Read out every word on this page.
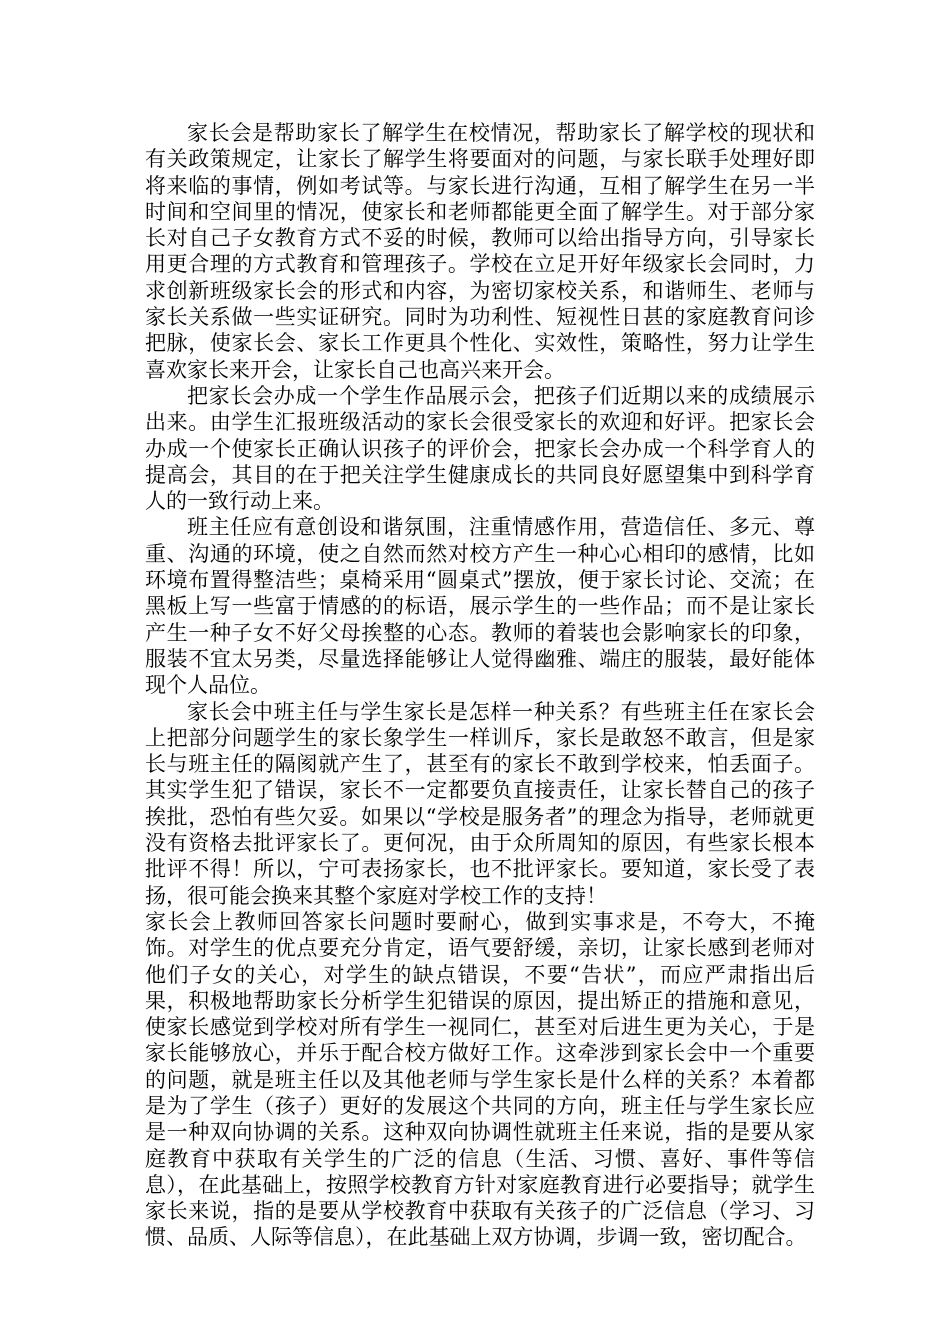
家长会是帮助家长了解学生在校情况，帮助家长了解学校的现状和有关政策规定，让家长了解学生将要面对的问题，与家长联手处理好即将来临的事情，例如考试等。与家长进行沟通，互相了解学生在另一半时间和空间里的情况，使家长和老师都能更全面了解学生。对于部分家长对自己子女教育方式不妥的时候，教师可以给出指导方向，引导家长用更合理的方式教育和管理孩子。学校在立足开好年级家长会同时，力求创新班级家长会的形式和内容，为密切家校关系，和谐师生、老师与家长关系做一些实证研究。同时为功利性、短视性日甚的家庭教育问诊把脉，使家长会、家长工作更具个性化、实效性，策略性，努力让学生喜欢家长来开会，让家长自己也高兴来开会。

把家长会办成一个学生作品展示会，把孩子们近期以来的成绩展示出来。由学生汇报班级活动的家长会很受家长的欢迎和好评。把家长会办成一个使家长正确认识孩子的评价会，把家长会办成一个科学育人的提高会，其目的在于把关注学生健康成长的共同良好愿望集中到科学育人的一致行动上来。

班主任应有意创设和谐氛围，注重情感作用，营造信任、多元、尊重、沟通的环境，使之自然而然对校方产生一种心心相印的感情，比如环境布置得整洁些；桌椅采用“圆桌式”摆放，便于家长讨论、交流；在黑板上写一些富于情感的的标语，展示学生的一些作品；而不是让家长产生一种子女不好父母挨整的心态。教师的着装也会影响家长的印象，服装不宜太另类，尽量选择能够让人觉得幽雅、端庄的服装，最好能体现个人品位。

家长会中班主任与学生家长是怎样一种关系？有些班主任在家长会上把部分问题学生的家长象学生一样训斥，家长是敢怒不敢言，但是家长与班主任的隔阂就产生了，甚至有的家长不敢到学校来，怕丢面子。其实学生犯了错误，家长不一定都要负直接责任，让家长替自己的孩子挨批，恐怕有些欠妥。如果以“学校是服务者”的理念为指导，老师就更没有资格去批评家长了。更何况，由于众所周知的原因，有些家长根本批评不得！所以，宁可表扬家长，也不批评家长。要知道，家长受了表扬，很可能会换来其整个家庭对学校工作的支持！

家长会上教师回答家长问题时要耐心，做到实事求是，不夸大，不掩饰。对学生的优点要充分肯定，语气要舒缓，亲切，让家长感到老师对他们子女的关心，对学生的缺点错误，不要“告状”，而应严肃指出后果，积极地帮助家长分析学生犯错误的原因，提出矫正的措施和意见，使家长感觉到学校对所有学生一视同仁，甚至对后进生更为关心，于是家长能够放心，并乐于配合校方做好工作。这牵涉到家长会中一个重要的问题，就是班主任以及其他老师与学生家长是什么样的关系？本着都是为了学生（孩子）更好的发展这个共同的方向，班主任与学生家长应是一种双向协调的关系。这种双向协调性就班主任来说，指的是要从家庭教育中获取有关学生的广泛的信息（生活、习惯、喜好、事件等信息），在此基础上，按照学校教育方针对家庭教育进行必要指导；就学生家长来说，指的是要从学校教育中获取有关孩子的广泛信息（学习、习惯、品质、人际等信息），在此基础上双方协调，步调一致，密切配合。
